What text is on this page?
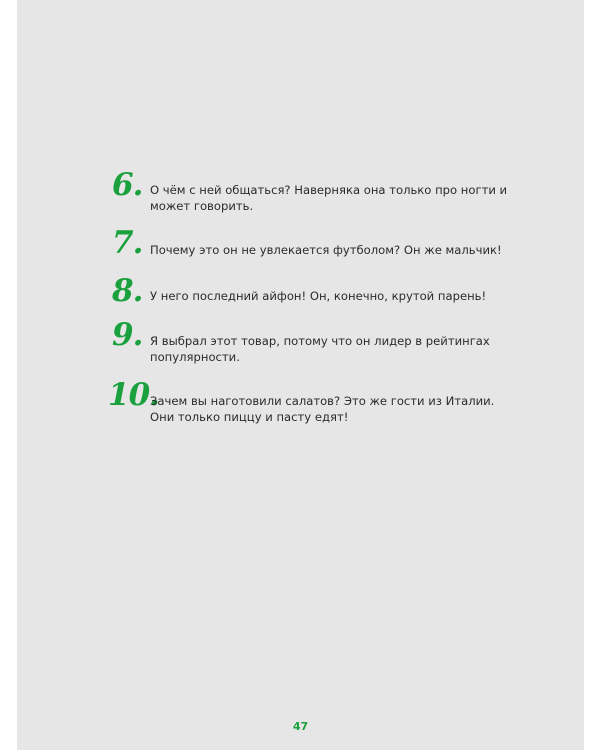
6. О чём с ней общаться? Наверняка она только про ногти и может говорить.
7. Почему это он не увлекается футболом? Он же мальчик!
8. У него последний айфон! Он, конечно, крутой парень!
9. Я выбрал этот товар, потому что он лидер в рейтингах популярности.
10.
Зачем вы наготовили салатов? Это же гости из Италии. Они только пиццу и пасту едят!
47
